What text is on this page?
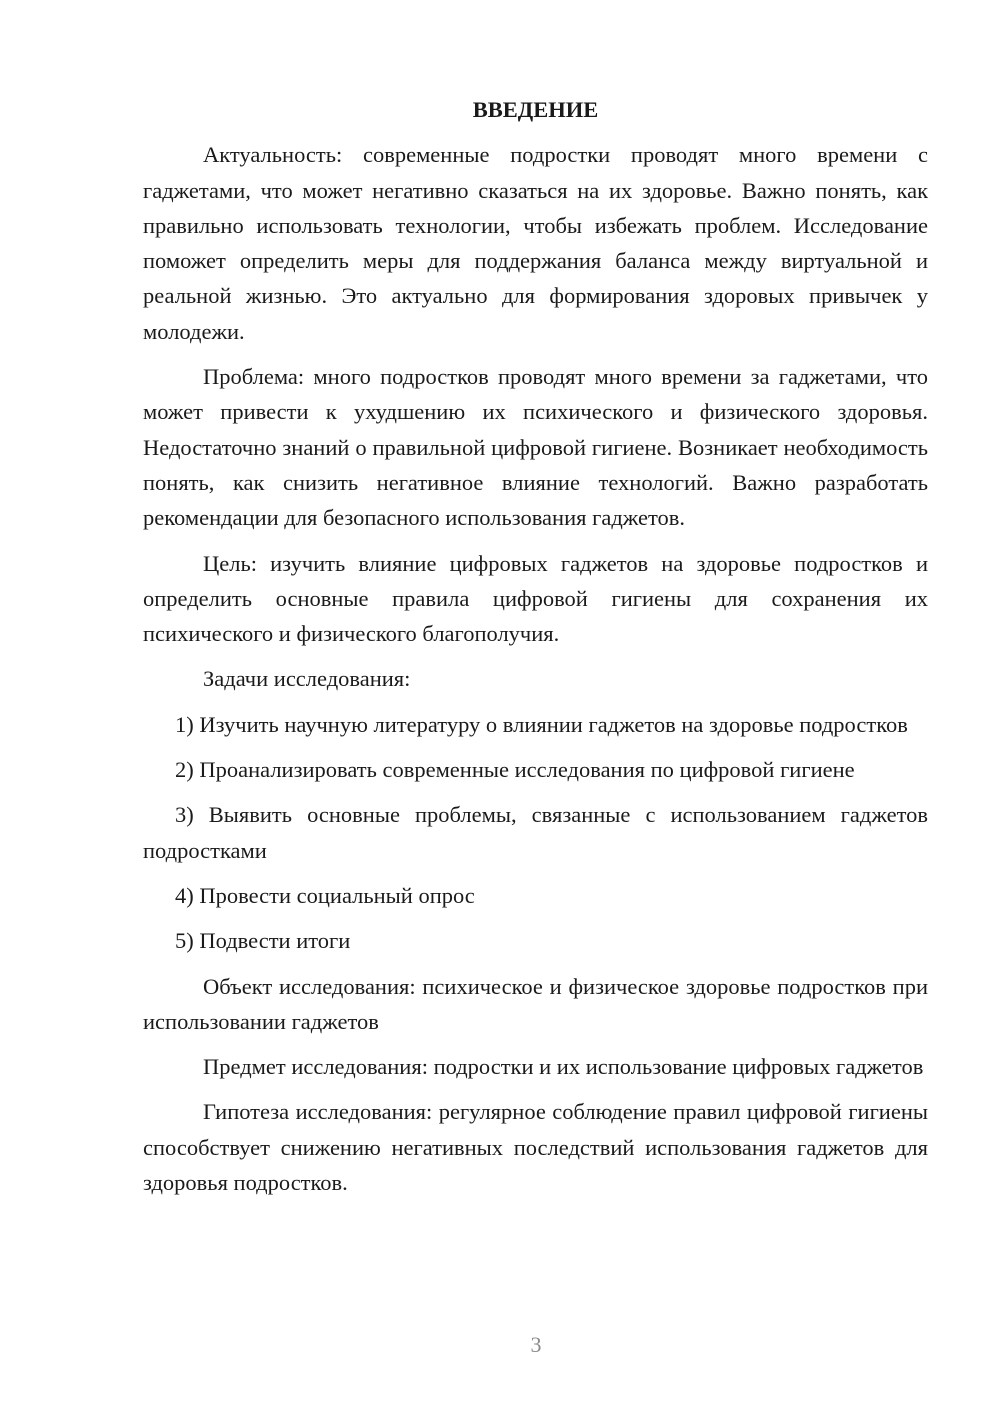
ВВЕДЕНИЕ

Актуальность: современные подростки проводят много времени с гаджетами, что может негативно сказаться на их здоровье. Важно понять, как правильно использовать технологии, чтобы избежать проблем. Исследование поможет определить меры для поддержания баланса между виртуальной и реальной жизнью. Это актуально для формирования здоровых привычек у молодежи.

Проблема: много подростков проводят много времени за гаджетами, что может привести к ухудшению их психического и физического здоровья. Недостаточно знаний о правильной цифровой гигиене. Возникает необходимость понять, как снизить негативное влияние технологий. Важно разработать рекомендации для безопасного использования гаджетов.

Цель: изучить влияние цифровых гаджетов на здоровье подростков и определить основные правила цифровой гигиены для сохранения их психического и физического благополучия.

Задачи исследования:

1) Изучить научную литературу о влиянии гаджетов на здоровье подростков

2) Проанализировать современные исследования по цифровой гигиене

3) Выявить основные проблемы, связанные с использованием гаджетов подростками

4) Провести социальный опрос

5) Подвести итоги

Объект исследования: психическое и физическое здоровье подростков при использовании гаджетов

Предмет исследования: подростки и их использование цифровых гаджетов

Гипотеза исследования: регулярное соблюдение правил цифровой гигиены способствует снижению негативных последствий использования гаджетов для здоровья подростков.

3
